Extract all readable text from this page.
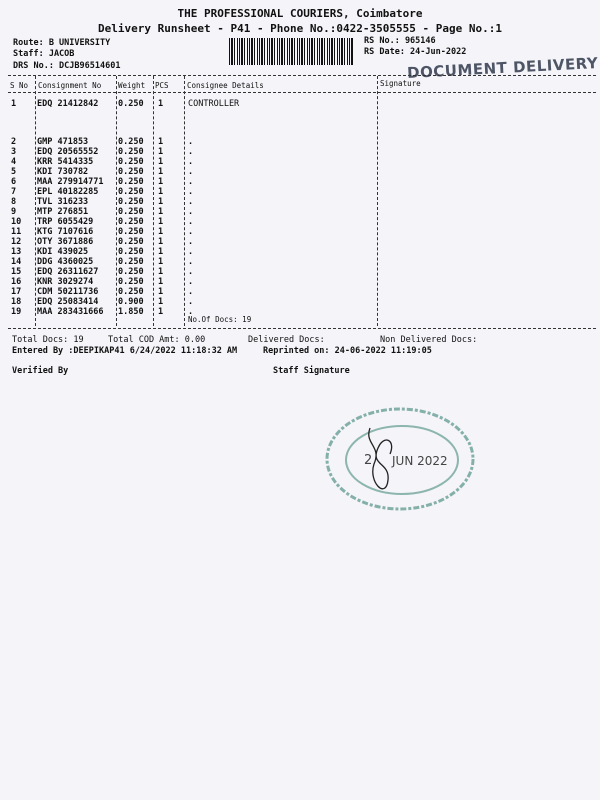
THE PROFESSIONAL COURIERS, Coimbatore
Delivery Runsheet - P41 - Phone No.:0422-3505555 - Page No.:1
Route: B UNIVERSITY
Staff: JACOB
DRS No.: DCJB96514601
RS No.: 965146
RS Date: 24-Jun-2022
DOCUMENT DELIVERY
S No Consignment No Weight PCS Consignee Details	Signature
1 EDQ 21412842 0.250 1	CONTROLLER
2 GMP 471853	0.250 1	.
3 EDQ 20565552 0.250 1	.
4 KRR 5414335	0.250 1	.
5 KDI 730782	0.250 1	.
6 MAA 279914771 0.250 1	.
7 EPL 40182285 0.250 1	.
8 TVL 316233	0.250 1	.
9 MTP 276851	0.250 1	.
10 TRP 6055429	0.250 1	.
11 KTG 7107616	0.250 1	.
12 OTY 3671886	0.250 1	.
13 KDI 439025	0.250 1	.
14 DDG 4360025	0.250 1	.
15 EDQ 26311627 0.250 1	.
16 KNR 3029274	0.250 1	.
17 CDM 50211736 0.250 1	.
18 EDQ 25083414 0.900 1	.
19 MAA 283431666 1.850 1	.
No.Of Docs: 19
Total Docs: 19	Total COD Amt: 0.00	Delivered Docs:	Non Delivered Docs:
Entered By :DEEPIKAP41 6/24/2022 11:18:32 AM	Reprinted on: 24-06-2022 11:19:05
Verified By	Staff Signature
2 JUN 2022
